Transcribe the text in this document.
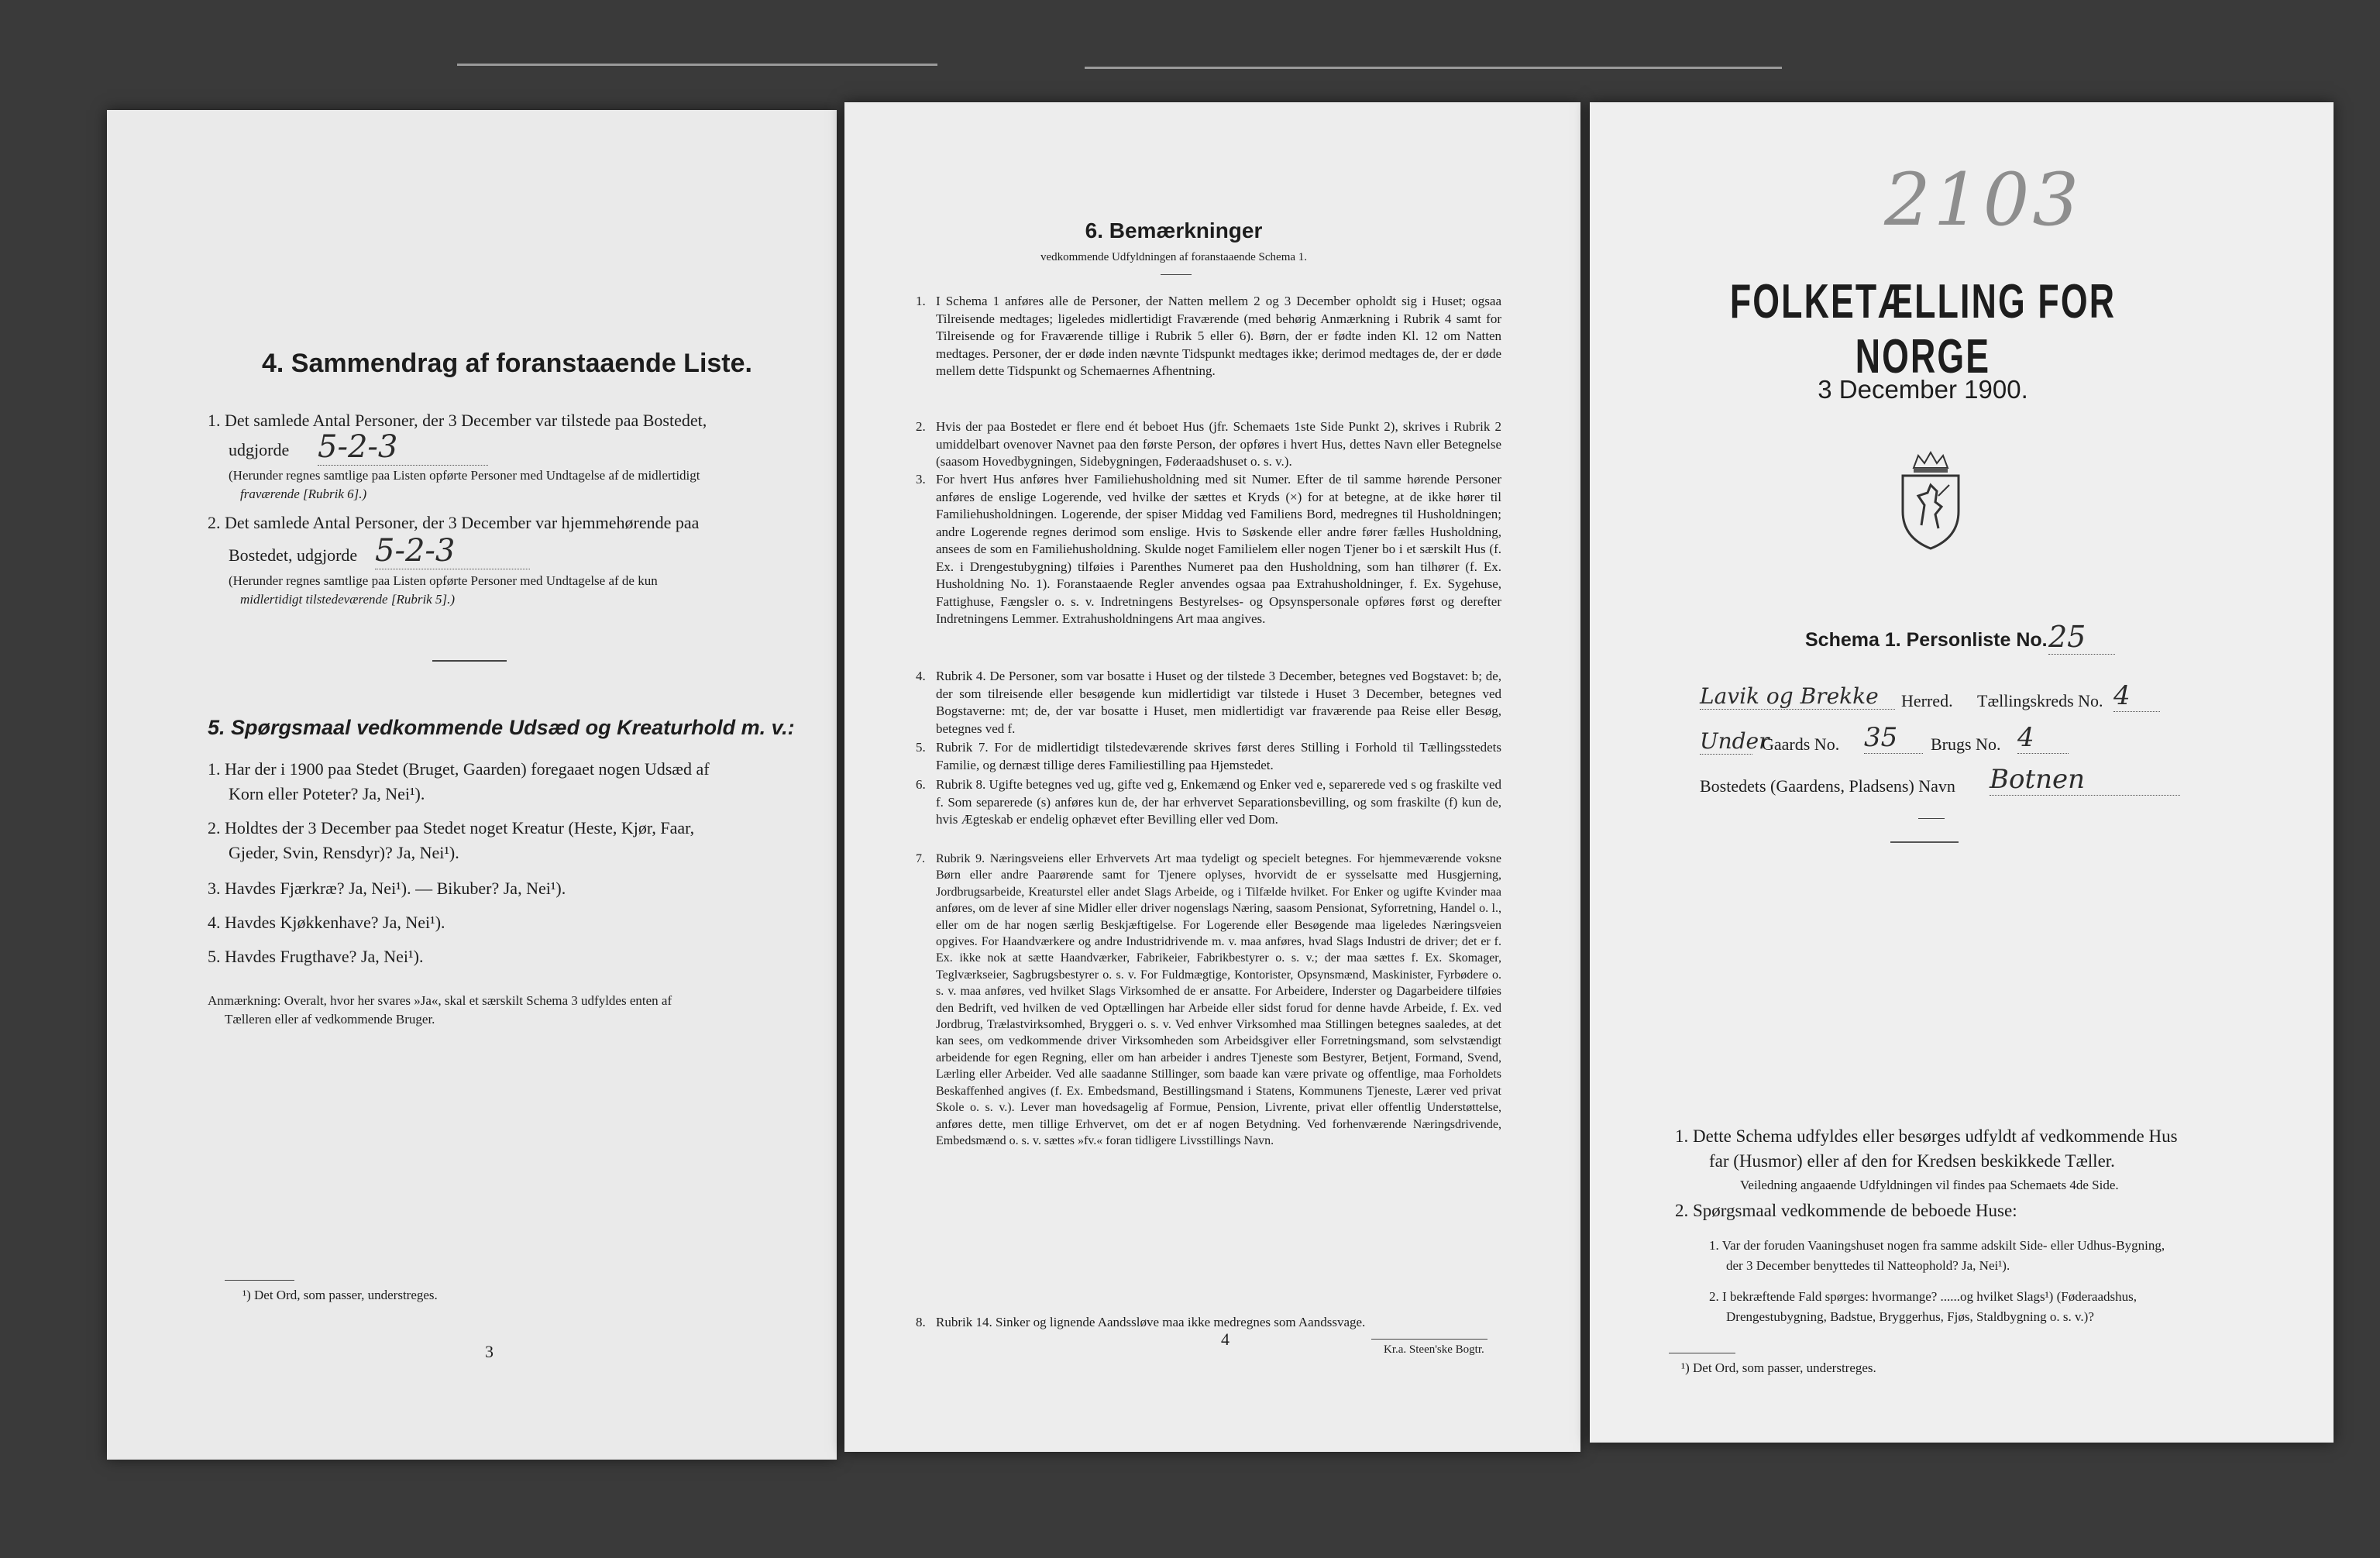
4. Sammendrag af foranstaaende Liste.
1. Det samlede Antal Personer, der 3 December var tilstede paa Bostedet,
udgjorde 5-2-3
(Herunder regnes samtlige paa Listen opførte Personer med Undtagelse af de midlertidigt
fraværende [Rubrik 6].)
2. Det samlede Antal Personer, der 3 December var hjemmehørende paa
Bostedet, udgjorde 5-2-3
(Herunder regnes samtlige paa Listen opførte Personer med Undtagelse af de kun
midlertidigt tilstedeværende [Rubrik 5].)
5. Spørgsmaal vedkommende Udsæd og Kreaturhold m. v.:
1. Har der i 1900 paa Stedet (Bruget, Gaarden) foregaaet nogen Udsæd af
Korn eller Poteter? Ja, Nei¹).
2. Holdtes der 3 December paa Stedet noget Kreatur (Heste, Kjør, Faar,
Gjeder, Svin, Rensdyr)? Ja, Nei¹).
3. Havdes Fjærkræ? Ja, Nei¹). — Bikuber? Ja, Nei¹).
4. Havdes Kjøkkenhave? Ja, Nei¹).
5. Havdes Frugthave? Ja, Nei¹).
Anmærkning: Overalt, hvor her svares »Ja«, skal et særskilt Schema 3 udfyldes enten af
Tælleren eller af vedkommende Bruger.
¹) Det Ord, som passer, understreges.
3
6. Bemærkninger
vedkommende Udfyldningen af foranstaaende Schema 1.
1. I Schema 1 anføres alle de Personer, der Natten mellem 2 og 3 December opholdt sig i Huset; ogsaa Tilreisende medtages; ligeledes midlertidigt Fraværende (med behørig Anmærkning i Rubrik 4 samt for Tilreisende og for Fraværende tillige i Rubrik 5 eller 6). Børn, der er fødte inden Kl. 12 om Natten medtages. Personer, der er døde inden nævnte Tidspunkt medtages ikke; derimod medtages de, der er døde mellem dette Tidspunkt og Schemaernes Afhentning.
2. Hvis der paa Bostedet er flere end ét beboet Hus (jfr. Schemaets 1ste Side Punkt 2), skrives i Rubrik 2 umiddelbart ovenover Navnet paa den første Person, der opføres i hvert Hus, dettes Navn eller Betegnelse (saasom Hovedbygningen, Sidebygningen, Føderaadshuset o. s. v.).
3. For hvert Hus anføres hver Familiehusholdning med sit Numer. Efter de til samme hørende Personer anføres de enslige Logerende, ved hvilke der sættes et Kryds (×) for at betegne, at de ikke hører til Familiehusholdningen. Logerende, der spiser Middag ved Familiens Bord, medregnes til Husholdningen; andre Logerende regnes derimod som enslige. Hvis to Søskende eller andre fører fælles Husholdning, ansees de som en Familiehusholdning. Skulde noget Familielem eller nogen Tjener bo i et særskilt Hus (f. Ex. i Drengestubygning) tilføies i Parenthes Numeret paa den Husholdning, som han tilhører (f. Ex. Husholdning No. 1). Foranstaaende Regler anvendes ogsaa paa Extrahusholdninger, f. Ex. Sygehuse, Fattighuse, Fængsler o. s. v. Indretningens Bestyrelses- og Opsynspersonale opføres først og derefter Indretningens Lemmer. Extrahusholdningens Art maa angives.
4. Rubrik 4. De Personer, som var bosatte i Huset og der tilstede 3 December, betegnes ved Bogstavet: b; de, der som tilreisende eller besøgende kun midlertidigt var tilstede i Huset 3 December, betegnes ved Bogstaverne: mt; de, der var bosatte i Huset, men midlertidigt var fraværende paa Reise eller Besøg, betegnes ved f.
5. Rubrik 7. For de midlertidigt tilstedeværende skrives først deres Stilling i Forhold til Tællingsstedets Familie, og dernæst tillige deres Familiestilling paa Hjemstedet.
6. Rubrik 8. Ugifte betegnes ved ug, gifte ved g, Enkemænd og Enker ved e, separerede ved s og fraskilte ved f. Som separerede (s) anføres kun de, der har erhvervet Separationsbevilling, og som fraskilte (f) kun de, hvis Ægteskab er endelig ophævet efter Bevilling eller ved Dom.
7. Rubrik 9. Næringsveiens eller Erhvervets Art maa tydeligt og specielt betegnes. For hjemmeværende voksne Børn eller andre Paarørende samt for Tjenere oplyses, hvorvidt de er sysselsatte med Husgjerning, Jordbrugsarbeide, Kreaturstel eller andet Slags Arbeide, og i Tilfælde hvilket. For Enker og ugifte Kvinder maa anføres, om de lever af sine Midler eller driver nogenslags Næring, saasom Pensionat, Syforretning, Handel o. l., eller om de har nogen særlig Beskjæftigelse. For Logerende eller Besøgende maa ligeledes Næringsveien opgives. For Haandværkere og andre Industridrivende m. v. maa anføres, hvad Slags Industri de driver; det er f. Ex. ikke nok at sætte Haandværker, Fabrikeier, Fabrikbestyrer o. s. v.; der maa sættes f. Ex. Skomager, Teglværkseier, Sagbrugsbestyrer o. s. v. For Fuldmægtige, Kontorister, Opsynsmænd, Maskinister, Fyrbødere o. s. v. maa anføres, ved hvilket Slags Virksomhed de er ansatte. For Arbeidere, Inderster og Dagarbeidere tilføies den Bedrift, ved hvilken de ved Optællingen har Arbeide eller sidst forud for denne havde Arbeide, f. Ex. ved Jordbrug, Trælastvirksomhed, Bryggeri o. s. v. Ved enhver Virksomhed maa Stillingen betegnes saaledes, at det kan sees, om vedkommende driver Virksomheden som Arbeidsgiver eller Forretningsmand, som selvstændigt arbeidende for egen Regning, eller om han arbeider i andres Tjeneste som Bestyrer, Betjent, Formand, Svend, Lærling eller Arbeider. Ved alle saadanne Stillinger, som baade kan være private og offentlige, maa Forholdets Beskaffenhed angives (f. Ex. Embedsmand, Bestillingsmand i Statens, Kommunens Tjeneste, Lærer ved privat Skole o. s. v.). Lever man hovedsagelig af Formue, Pension, Livrente, privat eller offentlig Understøttelse, anføres dette, men tillige Erhvervet, om det er af nogen Betydning. Ved forhenværende Næringsdrivende, Embedsmænd o. s. v. sættes »fv.« foran tidligere Livsstillings Navn.
8. Rubrik 14. Sinker og lignende Aandssløve maa ikke medregnes som Aandssvage.
4
Kr.a. Steen'ske Bogtr.
2103
FOLKETÆLLING FOR NORGE
3 December 1900.
Schema 1. Personliste No. 25
Lavik og Brekke	Herred. Tællingskreds No. 4
Under
Gaards No. 35	Brugs No. 4
Bostedets (Gaardens, Pladsens) Navn Botnen
1. Dette Schema udfyldes eller besørges udfyldt af vedkommende Hus
far (Husmor) eller af den for Kredsen beskikkede Tæller.
Veiledning angaaende Udfyldningen vil findes paa Schemaets 4de Side.
2. Spørgsmaal vedkommende de beboede Huse:
1. Var der foruden Vaaningshuset nogen fra samme adskilt Side- eller Udhus-Bygning,
der 3 December benyttedes til Natteophold? Ja, Nei¹).
2. I bekræftende Fald spørges: hvormange? ......og hvilket Slags¹) (Føderaadshus,
Drengestubygning, Badstue, Bryggerhus, Fjøs, Staldbygning o. s. v.)?
¹) Det Ord, som passer, understreges.
